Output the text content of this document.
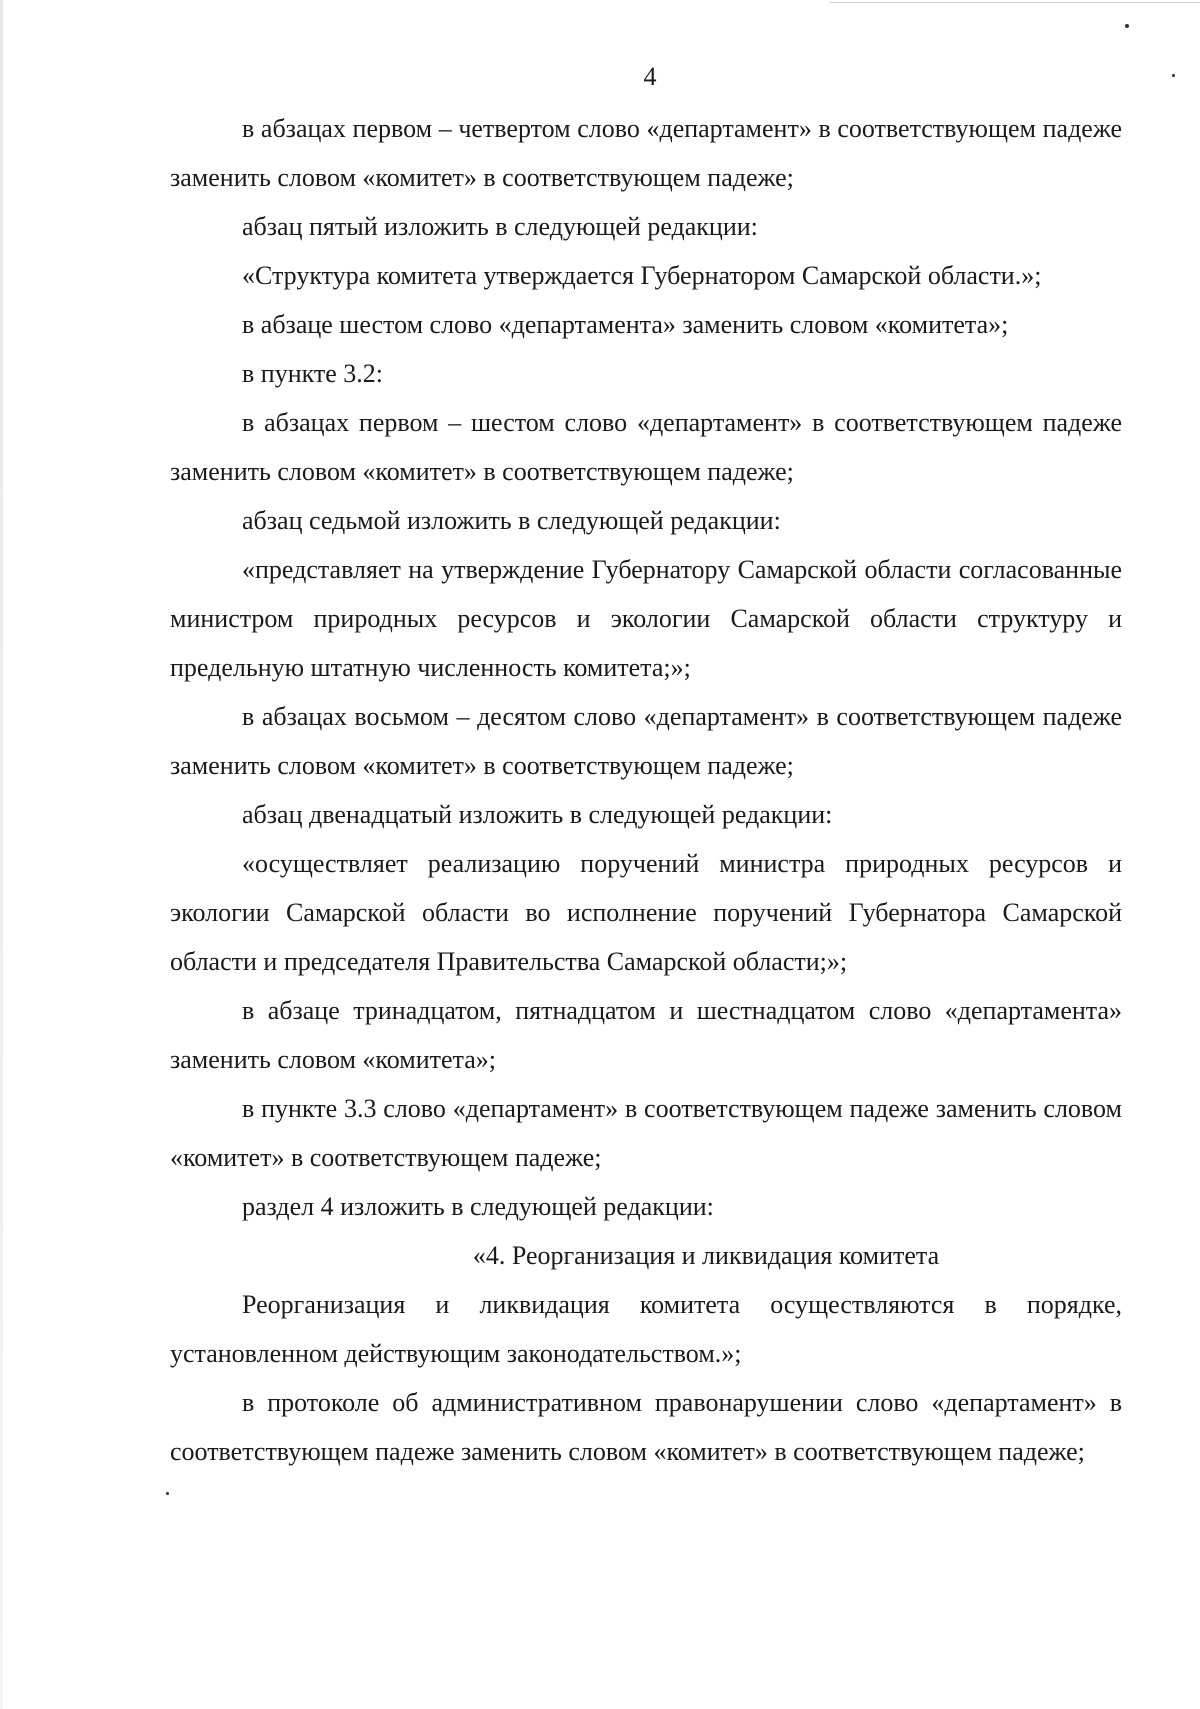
4

в абзацах первом – четвертом слово «департамент» в соответствующем падеже заменить словом «комитет» в соответствующем падеже;

абзац пятый изложить в следующей редакции:

«Структура комитета утверждается Губернатором Самарской области.»;

в абзаце шестом слово «департамента» заменить словом «комитета»;

в пункте 3.2:

в абзацах первом – шестом слово «департамент» в соответствующем падеже заменить словом «комитет» в соответствующем падеже;

абзац седьмой изложить в следующей редакции:

«представляет на утверждение Губернатору Самарской области согласованные министром природных ресурсов и экологии Самарской области структуру и предельную штатную численность комитета;»;

в абзацах восьмом – десятом слово «департамент» в соответствующем падеже заменить словом «комитет» в соответствующем падеже;

абзац двенадцатый изложить в следующей редакции:

«осуществляет реализацию поручений министра природных ресурсов и экологии Самарской области во исполнение поручений Губернатора Самарской области и председателя Правительства Самарской области;»;

в абзаце тринадцатом, пятнадцатом и шестнадцатом слово «департамента» заменить словом «комитета»;

в пункте 3.3 слово «департамент» в соответствующем падеже заменить словом «комитет» в соответствующем падеже;

раздел 4 изложить в следующей редакции:

«4. Реорганизация и ликвидация комитета

Реорганизация и ликвидация комитета осуществляются в порядке, установленном действующим законодательством.»;

в протоколе об административном правонарушении слово «департамент» в соответствующем падеже заменить словом «комитет» в соответствующем падеже;
